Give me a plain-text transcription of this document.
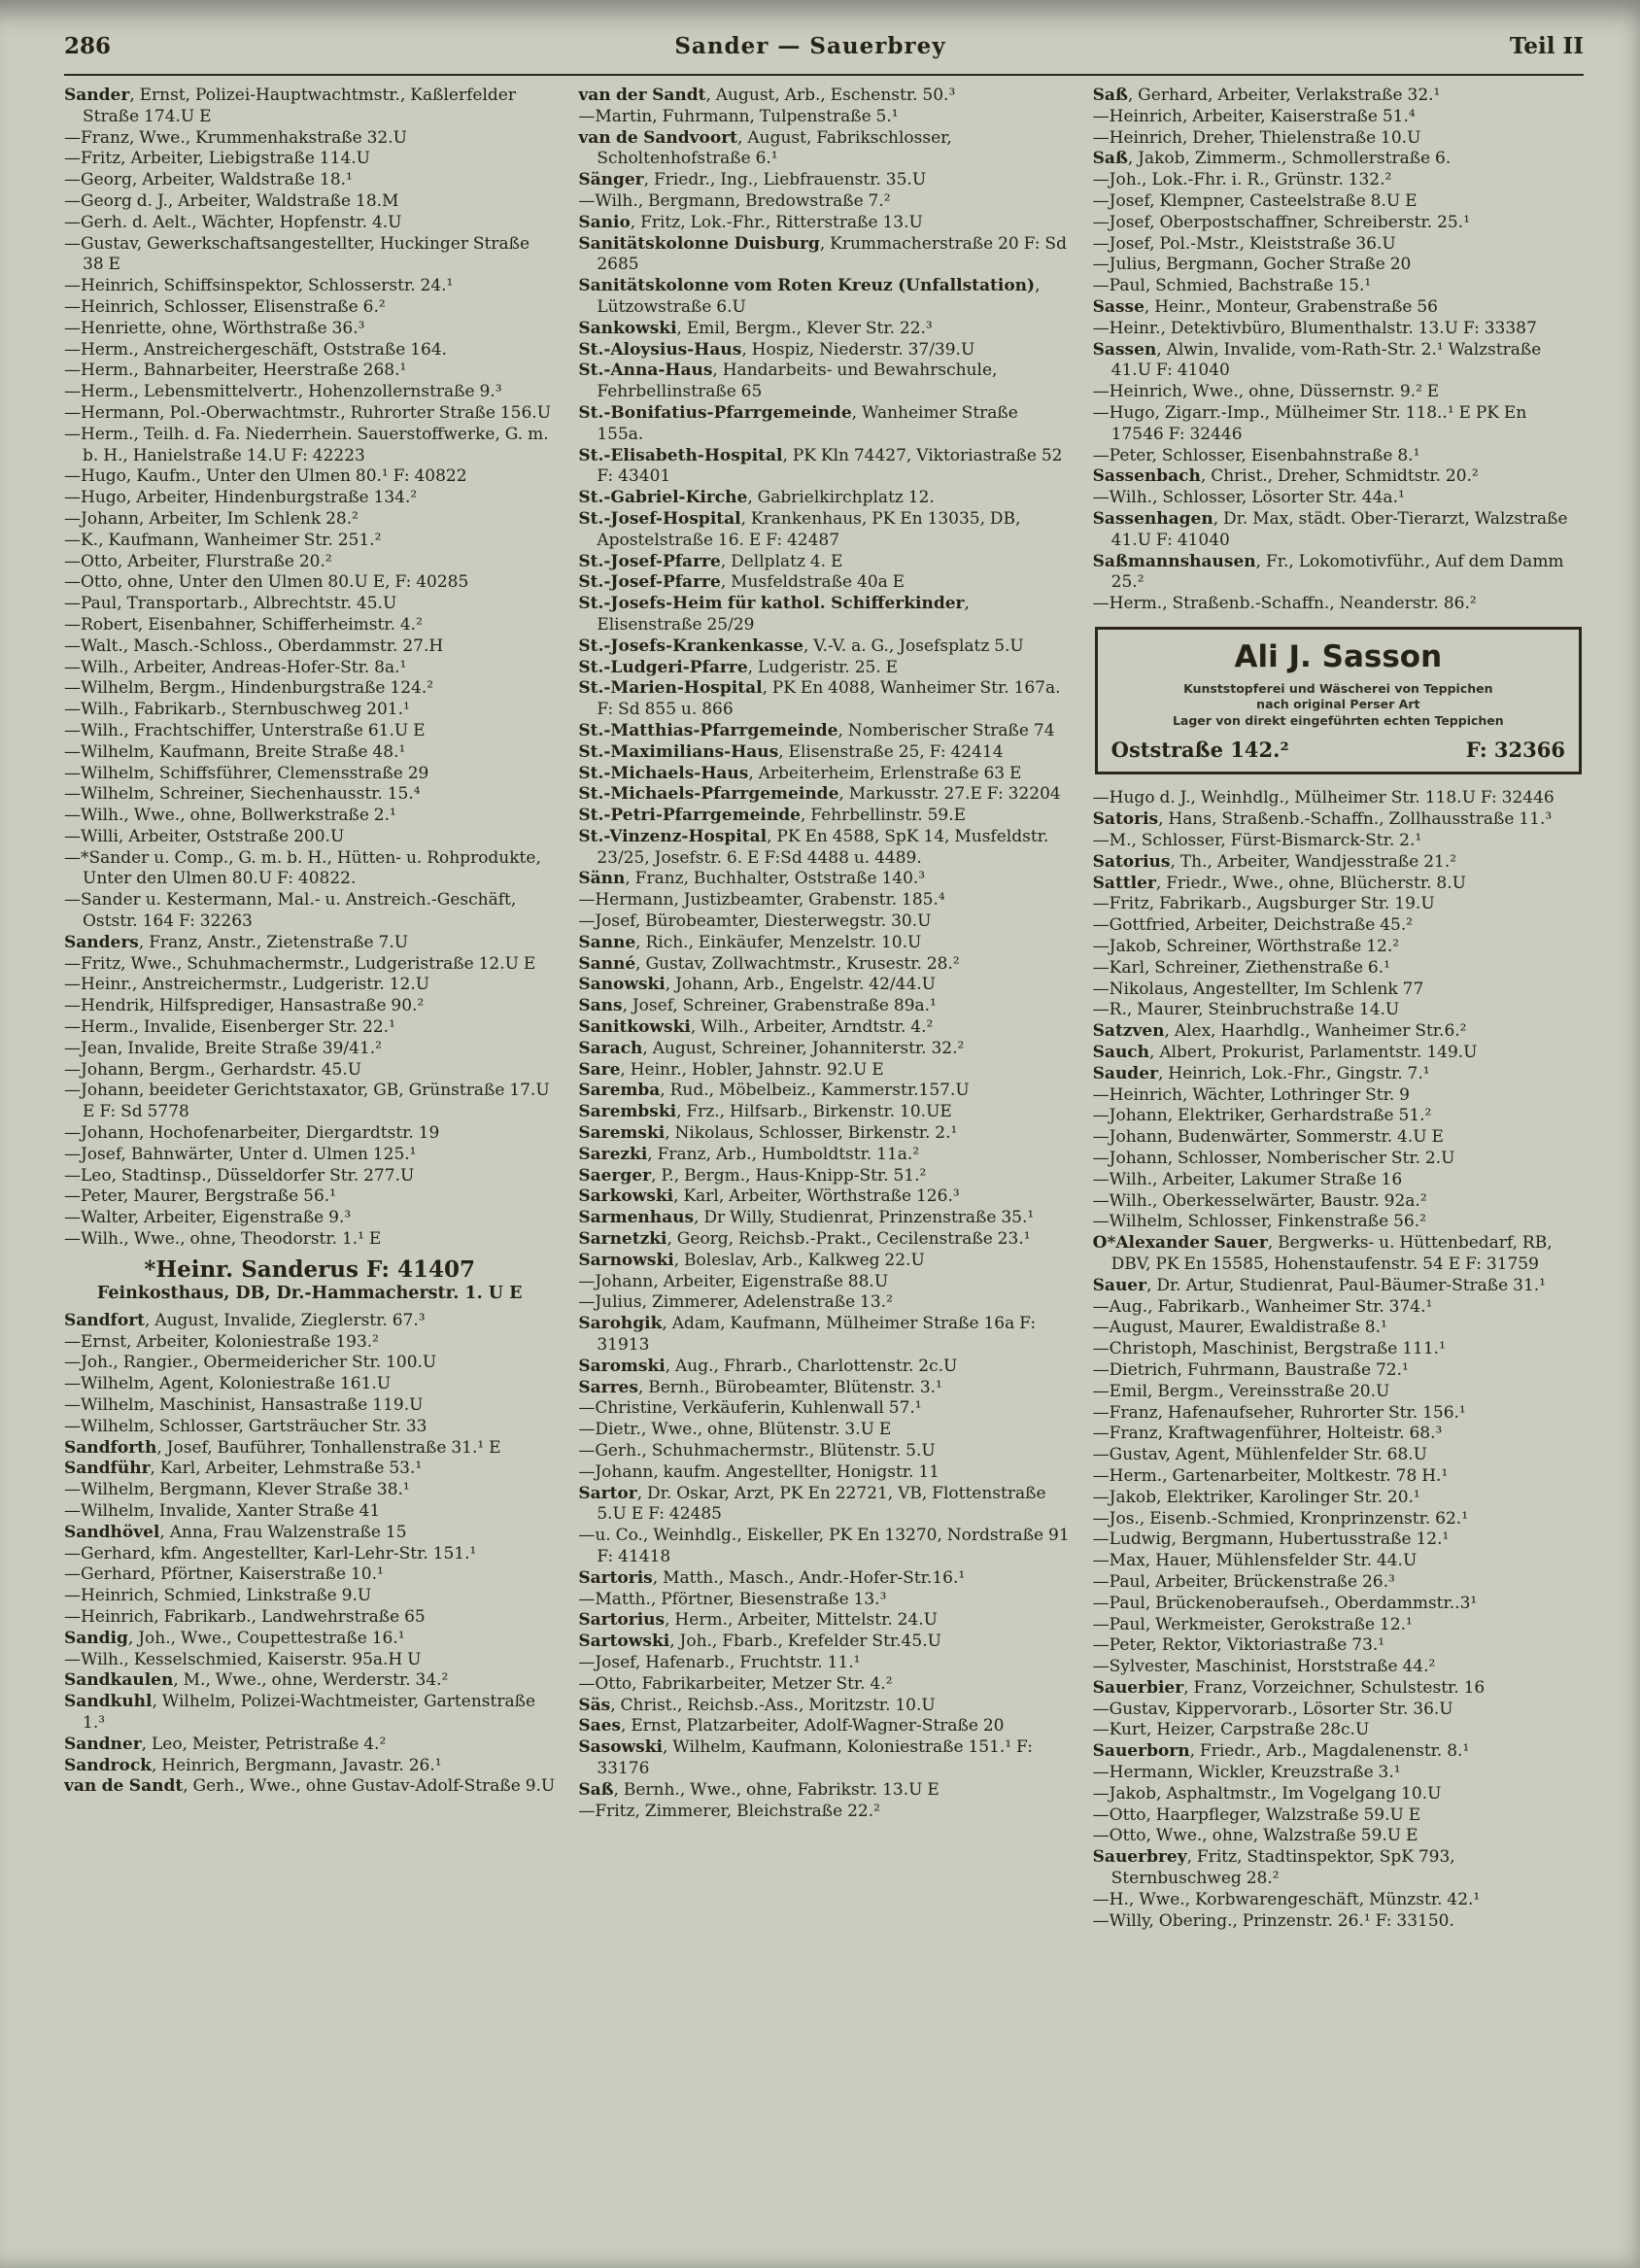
286	Sander — Sauerbrey	Teil II
Sander, Ernst, Polizei-Hauptwachtmstr., Kaßlerfelder Straße 174.U E
—Franz, Wwe., Krummenhakstraße 32.U
—Fritz, Arbeiter, Liebigstraße 114.U
—Georg, Arbeiter, Waldstraße 18.¹
—Georg d. J., Arbeiter, Waldstraße 18.M
—Gerh. d. Aelt., Wächter, Hopfenstr. 4.U
—Gustav, Gewerkschaftsangestellter, Huckinger Straße 38 E
—Heinrich, Schiffsinspektor, Schlosserstr. 24.¹
—Heinrich, Schlosser, Elisenstraße 6.²
—Henriette, ohne, Wörthstraße 36.³
—Herm., Anstreichergeschäft, Oststraße 164.
—Herm., Bahnarbeiter, Heerstraße 268.¹
—Herm., Lebensmittelvertr., Hohenzollernstraße 9.³
—Hermann, Pol.-Oberwachtmstr., Ruhrorter Straße 156.U
—Herm., Teilh. d. Fa. Niederrhein. Sauerstoffwerke, G. m. b. H., Hanielstraße 14.U F: 42223
—Hugo, Kaufm., Unter den Ulmen 80.¹ F: 40822
—Hugo, Arbeiter, Hindenburgstraße 134.²
—Johann, Arbeiter, Im Schlenk 28.²
—K., Kaufmann, Wanheimer Str. 251.²
—Otto, Arbeiter, Flurstraße 20.²
—Otto, ohne, Unter den Ulmen 80.U E, F: 40285
—Paul, Transportarb., Albrechtstr. 45.U
—Robert, Eisenbahner, Schifferheimstr. 4.²
—Walt., Masch.-Schloss., Oberdammstr. 27.H
—Wilh., Arbeiter, Andreas-Hofer-Str. 8a.¹
—Wilhelm, Bergm., Hindenburgstraße 124.²
—Wilh., Fabrikarb., Sternbuschweg 201.¹
—Wilh., Frachtschiffer, Unterstraße 61.U E
—Wilhelm, Kaufmann, Breite Straße 48.¹
—Wilhelm, Schiffsführer, Clemensstraße 29
—Wilhelm, Schreiner, Siechenhausstr. 15.⁴
—Wilh., Wwe., ohne, Bollwerkstraße 2.¹
—Willi, Arbeiter, Oststraße 200.U
—*Sander u. Comp., G. m. b. H., Hütten- u. Rohprodukte, Unter den Ulmen 80.U F: 40822.
—Sander u. Kestermann, Mal.- u. Anstreich.-Geschäft, Oststr. 164 F: 32263
Sanders, Franz, Anstr., Zietenstraße 7.U
—Fritz, Wwe., Schuhmachermstr., Ludgeristraße 12.U E
—Heinr., Anstreichermstr., Ludgeristr. 12.U
—Hendrik, Hilfsprediger, Hansastraße 90.²
—Herm., Invalide, Eisenberger Str. 22.¹
—Jean, Invalide, Breite Straße 39/41.²
—Johann, Bergm., Gerhardstr. 45.U
—Johann, beeideter Gerichtstaxator, GB, Grünstraße 17.U E F: Sd 5778
—Johann, Hochofenarbeiter, Diergardtstr. 19
—Josef, Bahnwärter, Unter d. Ulmen 125.¹
—Leo, Stadtinsp., Düsseldorfer Str. 277.U
—Peter, Maurer, Bergstraße 56.¹
—Walter, Arbeiter, Eigenstraße 9.³
—Wilh., Wwe., ohne, Theodorstr. 1.¹ E
*Heinr. Sanderus F: 41407
Feinkosthaus, DB, Dr.-Hammacherstr. 1. U E
Sandfort, August, Invalide, Zieglerstr. 67.³
—Ernst, Arbeiter, Koloniestraße 193.²
—Joh., Rangier., Obermeidericher Str. 100.U
—Wilhelm, Agent, Koloniestraße 161.U
—Wilhelm, Maschinist, Hansastraße 119.U
—Wilhelm, Schlosser, Gartsträucher Str. 33
Sandforth, Josef, Bauführer, Tonhallenstraße 31.¹ E
Sandführ, Karl, Arbeiter, Lehmstraße 53.¹
—Wilhelm, Bergmann, Klever Straße 38.¹
—Wilhelm, Invalide, Xanter Straße 41
Sandhövel, Anna, Frau Walzenstraße 15
—Gerhard, kfm. Angestellter, Karl-Lehr-Str. 151.¹
—Gerhard, Pförtner, Kaiserstraße 10.¹
—Heinrich, Schmied, Linkstraße 9.U
—Heinrich, Fabrikarb., Landwehrstraße 65
Sandig, Joh., Wwe., Coupettestraße 16.¹
—Wilh., Kesselschmied, Kaiserstr. 95a.H U
Sandkaulen, M., Wwe., ohne, Werderstr. 34.²
Sandkuhl, Wilhelm, Polizei-Wachtmeister, Gartenstraße 1.³
Sandner, Leo, Meister, Petristraße 4.²
Sandrock, Heinrich, Bergmann, Javastr. 26.¹
van de Sandt, Gerh., Wwe., ohne Gustav-Adolf-Straße 9.U
van der Sandt, August, Arb., Eschenstr. 50.³
—Martin, Fuhrmann, Tulpenstraße 5.¹
van de Sandvoort, August, Fabrikschlosser, Scholtenhofstraße 6.¹
Sänger, Friedr., Ing., Liebfrauenstr. 35.U
—Wilh., Bergmann, Bredowstraße 7.²
Sanio, Fritz, Lok.-Fhr., Ritterstraße 13.U
Sanitätskolonne Duisburg, Krummacherstraße 20 F: Sd 2685
Sanitätskolonne vom Roten Kreuz (Unfallstation), Lützowstraße 6.U
Sankowski, Emil, Bergm., Klever Str. 22.³
St.-Aloysius-Haus, Hospiz, Niederstr. 37/39.U
St.-Anna-Haus, Handarbeits- und Bewahrschule, Fehrbellinstraße 65
St.-Bonifatius-Pfarrgemeinde, Wanheimer Straße 155a.
St.-Elisabeth-Hospital, PK Kln 74427, Viktoriastraße 52 F: 43401
St.-Gabriel-Kirche, Gabrielkirchplatz 12.
St.-Josef-Hospital, Krankenhaus, PK En 13035, DB, Apostelstraße 16. E F: 42487
St.-Josef-Pfarre, Dellplatz 4. E
St.-Josef-Pfarre, Musfeldstraße 40a E
St.-Josefs-Heim für kathol. Schifferkinder, Elisenstraße 25/29
St.-Josefs-Krankenkasse, V.-V. a. G., Josefsplatz 5.U
St.-Ludgeri-Pfarre, Ludgeristr. 25. E
St.-Marien-Hospital, PK En 4088, Wanheimer Str. 167a. F: Sd 855 u. 866
St.-Matthias-Pfarrgemeinde, Nomberischer Straße 74
St.-Maximilians-Haus, Elisenstraße 25, F: 42414
St.-Michaels-Haus, Arbeiterheim, Erlenstraße 63 E
St.-Michaels-Pfarrgemeinde, Markusstr. 27.E F: 32204
St.-Petri-Pfarrgemeinde, Fehrbellinstr. 59.E
St.-Vinzenz-Hospital, PK En 4588, SpK 14, Musfeldstr. 23/25, Josefstr. 6. E F:Sd 4488 u. 4489.
Sänn, Franz, Buchhalter, Oststraße 140.³
—Hermann, Justizbeamter, Grabenstr. 185.⁴
—Josef, Bürobeamter, Diesterwegstr. 30.U
Sanne, Rich., Einkäufer, Menzelstr. 10.U
Sanné, Gustav, Zollwachtmstr., Krusestr. 28.²
Sanowski, Johann, Arb., Engelstr. 42/44.U
Sans, Josef, Schreiner, Grabenstraße 89a.¹
Sanitkowski, Wilh., Arbeiter, Arndtstr. 4.²
Sarach, August, Schreiner, Johanniterstr. 32.²
Sare, Heinr., Hobler, Jahnstr. 92.U E
Saremba, Rud., Möbelbeiz., Kammerstr.157.U
Sarembski, Frz., Hilfsarb., Birkenstr. 10.UE
Saremski, Nikolaus, Schlosser, Birkenstr. 2.¹
Sarezki, Franz, Arb., Humboldtstr. 11a.²
Saerger, P., Bergm., Haus-Knipp-Str. 51.²
Sarkowski, Karl, Arbeiter, Wörthstraße 126.³
Sarmenhaus, Dr Willy, Studienrat, Prinzenstraße 35.¹
Sarnetzki, Georg, Reichsb.-Prakt., Cecilenstraße 23.¹
Sarnowski, Boleslav, Arb., Kalkweg 22.U
—Johann, Arbeiter, Eigenstraße 88.U
—Julius, Zimmerer, Adelenstraße 13.²
Sarohgik, Adam, Kaufmann, Mülheimer Straße 16a F: 31913
Saromski, Aug., Fhrarb., Charlottenstr. 2c.U
Sarres, Bernh., Bürobeamter, Blütenstr. 3.¹
—Christine, Verkäuferin, Kuhlenwall 57.¹
—Dietr., Wwe., ohne, Blütenstr. 3.U E
—Gerh., Schuhmachermstr., Blütenstr. 5.U
—Johann, kaufm. Angestellter, Honigstr. 11
Sartor, Dr. Oskar, Arzt, PK En 22721, VB, Flottenstraße 5.U E F: 42485
—u. Co., Weinhdlg., Eiskeller, PK En 13270, Nordstraße 91 F: 41418
Sartoris, Matth., Masch., Andr.-Hofer-Str.16.¹
—Matth., Pförtner, Biesenstraße 13.³
Sartorius, Herm., Arbeiter, Mittelstr. 24.U
Sartowski, Joh., Fbarb., Krefelder Str.45.U
—Josef, Hafenarb., Fruchtstr. 11.¹
—Otto, Fabrikarbeiter, Metzer Str. 4.²
Säs, Christ., Reichsb.-Ass., Moritzstr. 10.U
Saes, Ernst, Platzarbeiter, Adolf-Wagner-Straße 20
Sasowski, Wilhelm, Kaufmann, Koloniestraße 151.¹ F: 33176
Saß, Bernh., Wwe., ohne, Fabrikstr. 13.U E
—Fritz, Zimmerer, Bleichstraße 22.²
Saß, Gerhard, Arbeiter, Verlakstraße 32.¹
—Heinrich, Arbeiter, Kaiserstraße 51.⁴
—Heinrich, Dreher, Thielenstraße 10.U
Saß, Jakob, Zimmerm., Schmollerstraße 6.
—Joh., Lok.-Fhr. i. R., Grünstr. 132.²
—Josef, Klempner, Casteelstraße 8.U E
—Josef, Oberpostschaffner, Schreiberstr. 25.¹
—Josef, Pol.-Mstr., Kleiststraße 36.U
—Julius, Bergmann, Gocher Straße 20
—Paul, Schmied, Bachstraße 15.¹
Sasse, Heinr., Monteur, Grabenstraße 56
—Heinr., Detektivbüro, Blumenthalstr. 13.U F: 33387
Sassen, Alwin, Invalide, vom-Rath-Str. 2.¹ Walzstraße 41.U F: 41040
—Heinrich, Wwe., ohne, Düssernstr. 9.² E
—Hugo, Zigarr.-Imp., Mülheimer Str. 118..¹ E PK En 17546 F: 32446
—Peter, Schlosser, Eisenbahnstraße 8.¹
Sassenbach, Christ., Dreher, Schmidtstr. 20.²
—Wilh., Schlosser, Lösorter Str. 44a.¹
Sassenhagen, Dr. Max, städt. Ober-Tierarzt, Walzstraße 41.U F: 41040
Saßmannshausen, Fr., Lokomotivführ., Auf dem Damm 25.²
—Herm., Straßenb.-Schaffn., Neanderstr. 86.²
Ali J. Sasson
Kunststopferei und Wäscherei von Teppichen
nach original Perser Art
Lager von direkt eingeführten echten Teppichen
Oststraße 142.²	F: 32366
—Hugo d. J., Weinhdlg., Mülheimer Str. 118.U F: 32446
Satoris, Hans, Straßenb.-Schaffn., Zollhausstraße 11.³
—M., Schlosser, Fürst-Bismarck-Str. 2.¹
Satorius, Th., Arbeiter, Wandjesstraße 21.²
Sattler, Friedr., Wwe., ohne, Blücherstr. 8.U
—Fritz, Fabrikarb., Augsburger Str. 19.U
—Gottfried, Arbeiter, Deichstraße 45.²
—Jakob, Schreiner, Wörthstraße 12.²
—Karl, Schreiner, Ziethenstraße 6.¹
—Nikolaus, Angestellter, Im Schlenk 77
—R., Maurer, Steinbruchstraße 14.U
Satzven, Alex, Haarhdlg., Wanheimer Str.6.²
Sauch, Albert, Prokurist, Parlamentstr. 149.U
Sauder, Heinrich, Lok.-Fhr., Gingstr. 7.¹
—Heinrich, Wächter, Lothringer Str. 9
—Johann, Elektriker, Gerhardstraße 51.²
—Johann, Budenwärter, Sommerstr. 4.U E
—Johann, Schlosser, Nomberischer Str. 2.U
—Wilh., Arbeiter, Lakumer Straße 16
—Wilh., Oberkesselwärter, Baustr. 92a.²
—Wilhelm, Schlosser, Finkenstraße 56.²
O*Alexander Sauer, Bergwerks- u. Hüttenbedarf, RB, DBV, PK En 15585, Hohenstaufenstr. 54 E F: 31759
Sauer, Dr. Artur, Studienrat, Paul-Bäumer-Straße 31.¹
—Aug., Fabrikarb., Wanheimer Str. 374.¹
—August, Maurer, Ewaldistraße 8.¹
—Christoph, Maschinist, Bergstraße 111.¹
—Dietrich, Fuhrmann, Baustraße 72.¹
—Emil, Bergm., Vereinsstraße 20.U
—Franz, Hafenaufseher, Ruhrorter Str. 156.¹
—Franz, Kraftwagenführer, Holteistr. 68.³
—Gustav, Agent, Mühlenfelder Str. 68.U
—Herm., Gartenarbeiter, Moltkestr. 78 H.¹
—Jakob, Elektriker, Karolinger Str. 20.¹
—Jos., Eisenb.-Schmied, Kronprinzenstr. 62.¹
—Ludwig, Bergmann, Hubertusstraße 12.¹
—Max, Hauer, Mühlensfelder Str. 44.U
—Paul, Arbeiter, Brückenstraße 26.³
—Paul, Brückenoberaufseh., Oberdammstr..3¹
—Paul, Werkmeister, Gerokstraße 12.¹
—Peter, Rektor, Viktoriastraße 73.¹
—Sylvester, Maschinist, Horststraße 44.²
Sauerbier, Franz, Vorzeichner, Schulstestr. 16
—Gustav, Kippervorarb., Lösorter Str. 36.U
—Kurt, Heizer, Carpstraße 28c.U
Sauerborn, Friedr., Arb., Magdalenenstr. 8.¹
—Hermann, Wickler, Kreuzstraße 3.¹
—Jakob, Asphaltmstr., Im Vogelgang 10.U
—Otto, Haarpfleger, Walzstraße 59.U E
—Otto, Wwe., ohne, Walzstraße 59.U E
Sauerbrey, Fritz, Stadtinspektor, SpK 793, Sternbuschweg 28.²
—H., Wwe., Korbwarengeschäft, Münzstr. 42.¹
—Willy, Obering., Prinzenstr. 26.¹ F: 33150.
